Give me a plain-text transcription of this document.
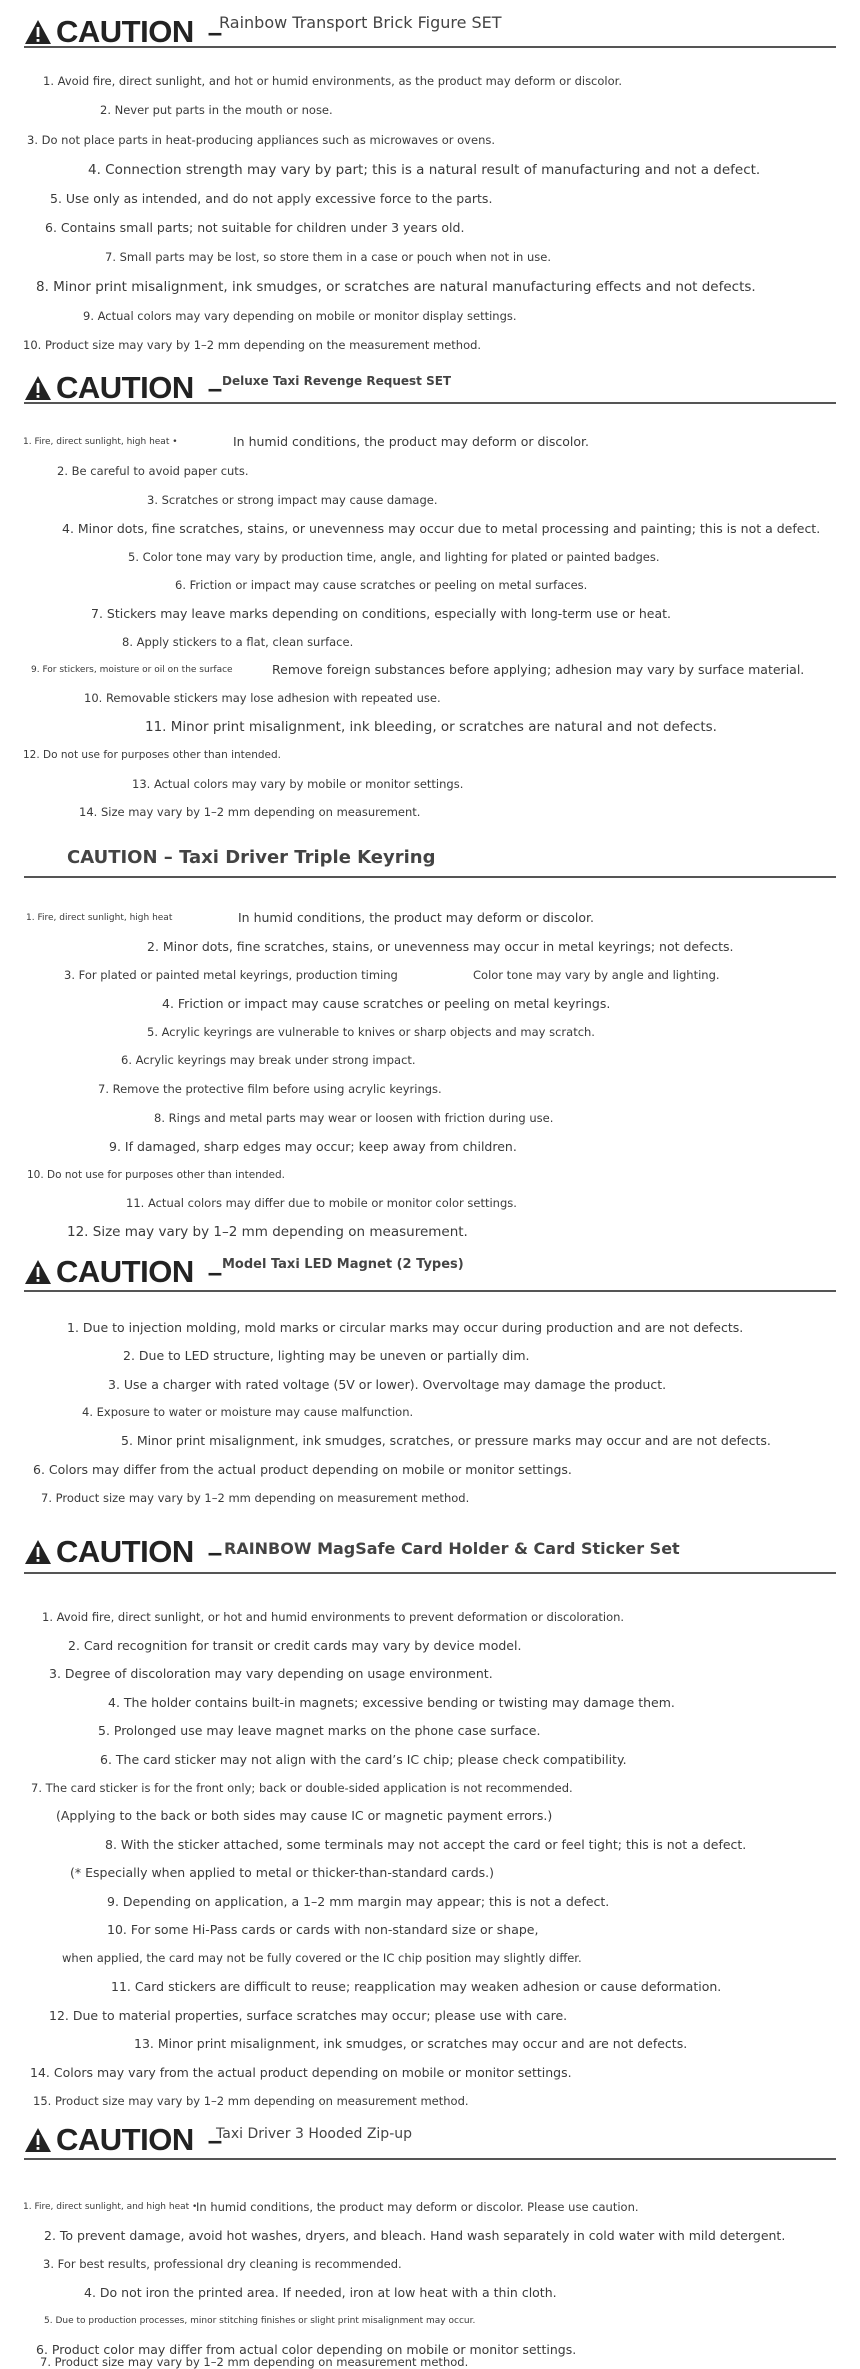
CAUTION –
Rainbow Transport Brick Figure SET
1. Avoid fire, direct sunlight, and hot or humid environments, as the product may deform or discolor.
2. Never put parts in the mouth or nose.
3. Do not place parts in heat-producing appliances such as microwaves or ovens.
4. Connection strength may vary by part; this is a natural result of manufacturing and not a defect.
5. Use only as intended, and do not apply excessive force to the parts.
6. Contains small parts; not suitable for children under 3 years old.
7. Small parts may be lost, so store them in a case or pouch when not in use.
8. Minor print misalignment, ink smudges, or scratches are natural manufacturing effects and not defects.
9. Actual colors may vary depending on mobile or monitor display settings.
10. Product size may vary by 1–2 mm depending on the measurement method.
CAUTION – Deluxe Taxi Revenge Request SET
1. Fire, direct sunlight, high heat •	In humid conditions, the product may deform or discolor.
2. Be careful to avoid paper cuts.
3. Scratches or strong impact may cause damage.
4. Minor dots, fine scratches, stains, or unevenness may occur due to metal processing and painting; this is not a defect.
5. Color tone may vary by production time, angle, and lighting for plated or painted badges.
6. Friction or impact may cause scratches or peeling on metal surfaces.
7. Stickers may leave marks depending on conditions, especially with long-term use or heat.
8. Apply stickers to a flat, clean surface.
9. For stickers, moisture or oil on the surface	Remove foreign substances before applying; adhesion may vary by surface material.
10. Removable stickers may lose adhesion with repeated use.
11. Minor print misalignment, ink bleeding, or scratches are natural and not defects.
12. Do not use for purposes other than intended.
13. Actual colors may vary by mobile or monitor settings.
14. Size may vary by 1–2 mm depending on measurement.
CAUTION – Taxi Driver Triple Keyring
1. Fire, direct sunlight, high heat	In humid conditions, the product may deform or discolor.
2. Minor dots, fine scratches, stains, or unevenness may occur in metal keyrings; not defects.
3. For plated or painted metal keyrings, production timing	Color tone may vary by angle and lighting.
4. Friction or impact may cause scratches or peeling on metal keyrings.
5. Acrylic keyrings are vulnerable to knives or sharp objects and may scratch.
6. Acrylic keyrings may break under strong impact.
7. Remove the protective film before using acrylic keyrings.
8. Rings and metal parts may wear or loosen with friction during use.
9. If damaged, sharp edges may occur; keep away from children.
10. Do not use for purposes other than intended.
11. Actual colors may differ due to mobile or monitor color settings.
12. Size may vary by 1–2 mm depending on measurement.
CAUTION – Model Taxi LED Magnet (2 Types)
1. Due to injection molding, mold marks or circular marks may occur during production and are not defects.
2. Due to LED structure, lighting may be uneven or partially dim.
3. Use a charger with rated voltage (5V or lower). Overvoltage may damage the product.
4. Exposure to water or moisture may cause malfunction.
5. Minor print misalignment, ink smudges, scratches, or pressure marks may occur and are not defects.
6. Colors may differ from the actual product depending on mobile or monitor settings.
7. Product size may vary by 1–2 mm depending on measurement method.
CAUTION – RAINBOW MagSafe Card Holder & Card Sticker Set
1. Avoid fire, direct sunlight, or hot and humid environments to prevent deformation or discoloration.
2. Card recognition for transit or credit cards may vary by device model.
3. Degree of discoloration may vary depending on usage environment.
4. The holder contains built-in magnets; excessive bending or twisting may damage them.
5. Prolonged use may leave magnet marks on the phone case surface.
6. The card sticker may not align with the card’s IC chip; please check compatibility.
7. The card sticker is for the front only; back or double-sided application is not recommended.
(Applying to the back or both sides may cause IC or magnetic payment errors.)
8. With the sticker attached, some terminals may not accept the card or feel tight; this is not a defect.
(* Especially when applied to metal or thicker-than-standard cards.)
9. Depending on application, a 1–2 mm margin may appear; this is not a defect.
10. For some Hi-Pass cards or cards with non-standard size or shape,
when applied, the card may not be fully covered or the IC chip position may slightly differ.
11. Card stickers are difficult to reuse; reapplication may weaken adhesion or cause deformation.
12. Due to material properties, surface scratches may occur; please use with care.
13. Minor print misalignment, ink smudges, or scratches may occur and are not defects.
14. Colors may vary from the actual product depending on mobile or monitor settings.
15. Product size may vary by 1–2 mm depending on measurement method.
CAUTION –
Taxi Driver 3 Hooded Zip-up
1. Fire, direct sunlight, and high heat •
In humid conditions, the product may deform or discolor. Please use caution.
2. To prevent damage, avoid hot washes, dryers, and bleach. Hand wash separately in cold water with mild detergent.
3. For best results, professional dry cleaning is recommended.
4. Do not iron the printed area. If needed, iron at low heat with a thin cloth.
5. Due to production processes, minor stitching finishes or slight print misalignment may occur.
6. Product color may differ from actual color depending on mobile or monitor settings.
7. Product size may vary by 1–2 mm depending on measurement method.
